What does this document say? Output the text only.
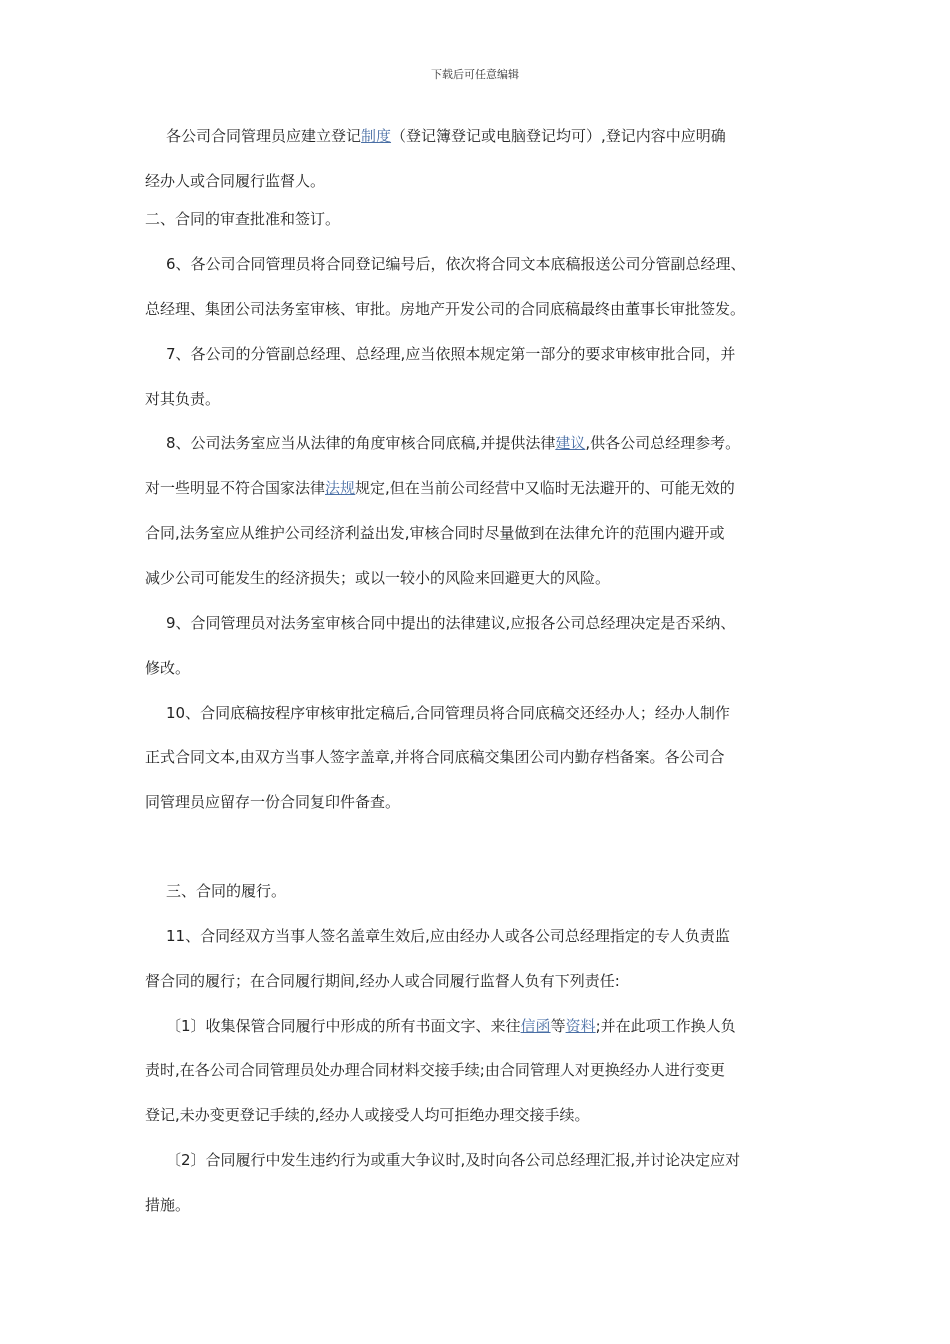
下载后可任意编辑
各公司合同管理员应建立登记制度（登记簿登记或电脑登记均可）,登记内容中应明确
经办人或合同履行监督人。
二、合同的审查批准和签订。
6、各公司合同管理员将合同登记编号后，依次将合同文本底稿报送公司分管副总经理、
总经理、集团公司法务室审核、审批。房地产开发公司的合同底稿最终由董事长审批签发。
7、各公司的分管副总经理、总经理,应当依照本规定第一部分的要求审核审批合同，并
对其负责。
8、公司法务室应当从法律的角度审核合同底稿,并提供法律建议,供各公司总经理参考。
对一些明显不符合国家法律法规规定,但在当前公司经营中又临时无法避开的、可能无效的
合同,法务室应从维护公司经济利益出发,审核合同时尽量做到在法律允许的范围内避开或
减少公司可能发生的经济损失；或以一较小的风险来回避更大的风险。
9、合同管理员对法务室审核合同中提出的法律建议,应报各公司总经理决定是否采纳、
修改。
10、合同底稿按程序审核审批定稿后,合同管理员将合同底稿交还经办人；经办人制作
正式合同文本,由双方当事人签字盖章,并将合同底稿交集团公司内勤存档备案。各公司合
同管理员应留存一份合同复印件备查。
三、合同的履行。
11、合同经双方当事人签名盖章生效后,应由经办人或各公司总经理指定的专人负责监
督合同的履行；在合同履行期间,经办人或合同履行监督人负有下列责任:
〔1〕收集保管合同履行中形成的所有书面文字、来往信函等资料;并在此项工作换人负
责时,在各公司合同管理员处办理合同材料交接手续;由合同管理人对更换经办人进行变更
登记,未办变更登记手续的,经办人或接受人均可拒绝办理交接手续。
〔2〕合同履行中发生违约行为或重大争议时,及时向各公司总经理汇报,并讨论决定应对
措施。
